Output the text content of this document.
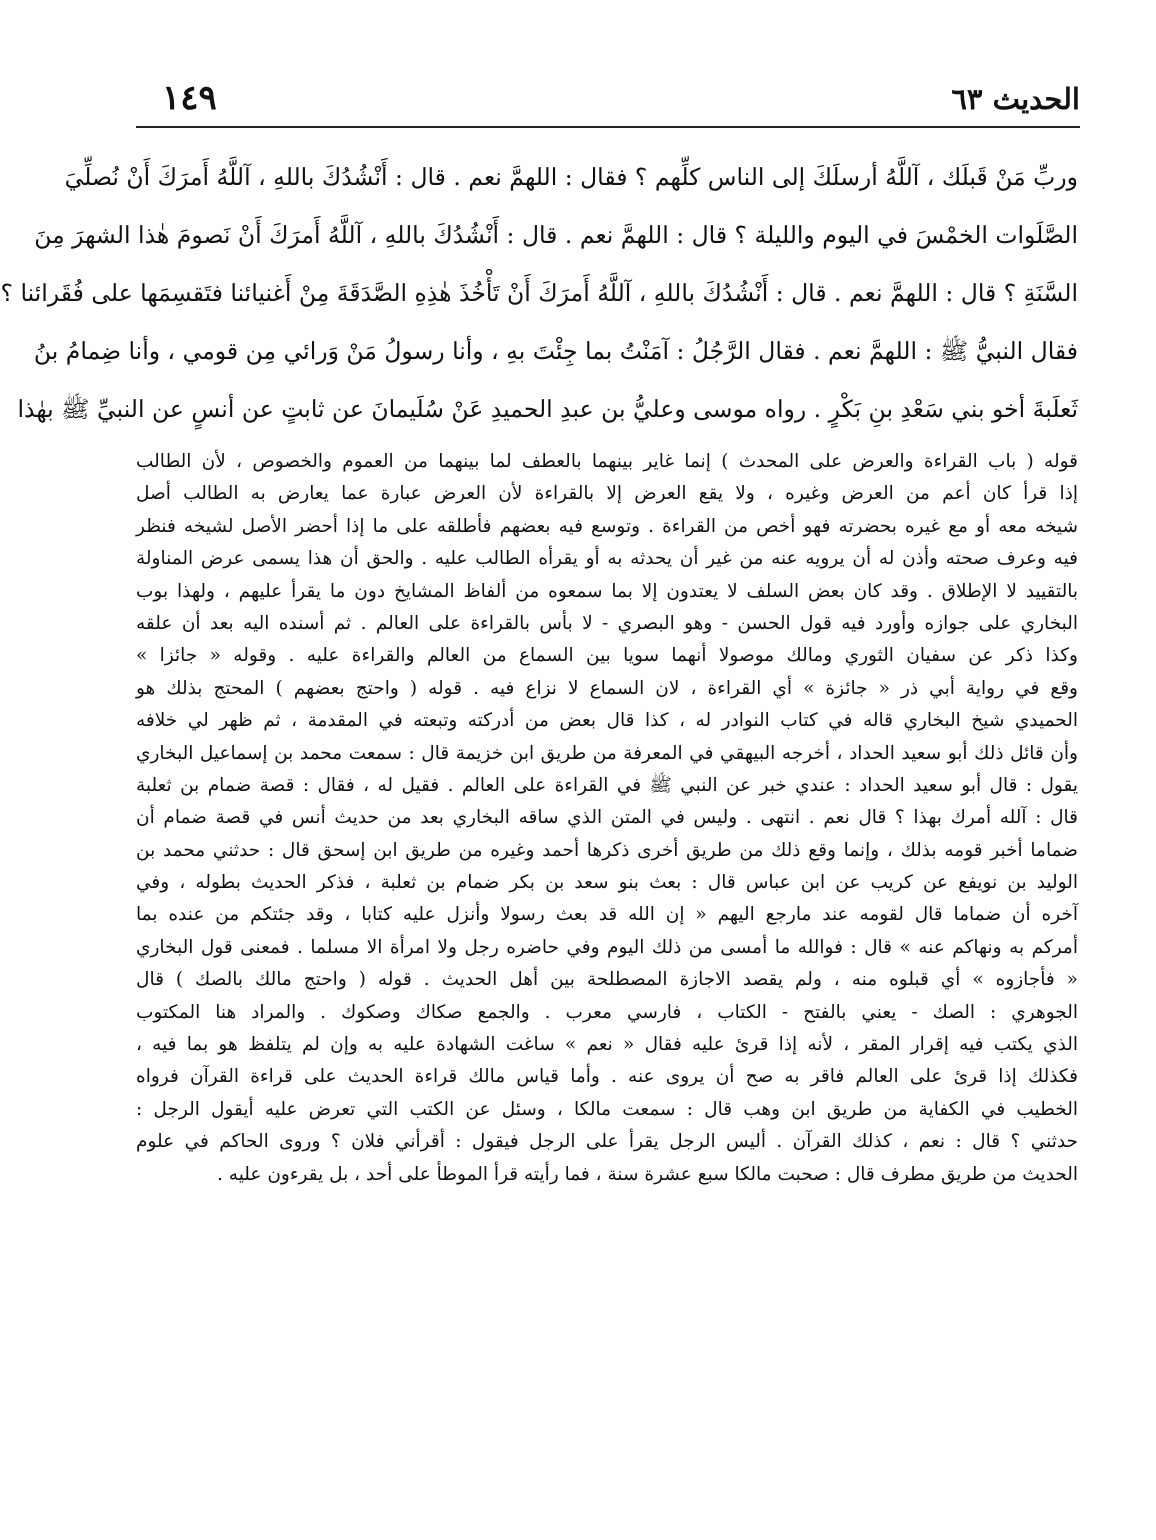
الحديث ٦٣
١٤٩
وربِّ مَنْ قَبلَك ، آللَّهُ أرسلَكَ إلى الناس كلِّهم ؟ فقال : اللهمَّ نعم . قال : أَنْشُدُكَ باللهِ ، آللَّهُ أَمرَكَ أَنْ نُصلِّيَ
الصَّلَوات الخمْسَ في اليوم والليلة ؟ قال : اللهمَّ نعم . قال : أَنْشُدُكَ باللهِ ، آللَّهُ أَمرَكَ أَنْ نَصومَ هٰذا الشهرَ مِنَ
السَّنَةِ ؟ قال : اللهمَّ نعم . قال : أَنْشُدُكَ باللهِ ، آللَّهُ أَمرَكَ أَنْ تَأْخُذَ هٰذِهِ الصَّدَقَةَ مِنْ أَغنيائنا فتَقسِمَها على فُقَرائنا ؟
فقال النبيُّ ﷺ : اللهمَّ نعم . فقال الرَّجُلُ : آمَنْتُ بما جِئْتَ بهِ ، وأنا رسولُ مَنْ وَرائي مِن قومي ، وأنا ضِمامُ بنُ
ثَعلَبةَ أخو بني سَعْدِ بنِ بَكْرٍ . رواه موسى وعليُّ بن عبدِ الحميدِ عَنْ سُلَيمانَ عن ثابتٍ عن أنسٍ عن النبيِّ ﷺ بهٰذا
قوله ( باب القراءة والعرض على المحدث ) إنما غاير بينهما بالعطف لما بينهما من العموم والخصوص ، لأن الطالب
إذا قرأ كان أعم من العرض وغيره ، ولا يقع العرض إلا بالقراءة لأن العرض عبارة عما يعارض به الطالب أصل
شيخه معه أو مع غيره بحضرته فهو أخص من القراءة . وتوسع فيه بعضهم فأطلقه على ما إذا أحضر الأصل لشيخه فنظر
فيه وعرف صحته وأذن له أن يرويه عنه من غير أن يحدثه به أو يقرأه الطالب عليه . والحق أن هذا يسمى عرض المناولة
بالتقييد لا الإطلاق . وقد كان بعض السلف لا يعتدون إلا بما سمعوه من ألفاظ المشايخ دون ما يقرأ عليهم ، ولهذا بوب
البخاري على جوازه وأورد فيه قول الحسن - وهو البصري - لا بأس بالقراءة على العالم . ثم أسنده اليه بعد أن علقه
وكذا ذكر عن سفيان الثوري ومالك موصولا أنهما سويا بين السماع من العالم والقراءة عليه . وقوله « جائزا »
وقع في رواية أبي ذر « جائزة » أي القراءة ، لان السماع لا نزاع فيه . قوله ( واحتج بعضهم ) المحتج بذلك هو
الحميدي شيخ البخاري قاله في كتاب النوادر له ، كذا قال بعض من أدركته وتبعته في المقدمة ، ثم ظهر لي خلافه
وأن قائل ذلك أبو سعيد الحداد ، أخرجه البيهقي في المعرفة من طريق ابن خزيمة قال : سمعت محمد بن إسماعيل البخاري
يقول : قال أبو سعيد الحداد : عندي خبر عن النبي ﷺ في القراءة على العالم . فقيل له ، فقال : قصة ضمام بن ثعلبة
قال : آلله أمرك بهذا ؟ قال نعم . انتهى . وليس في المتن الذي ساقه البخاري بعد من حديث أنس في قصة ضمام أن
ضماما أخبر قومه بذلك ، وإنما وقع ذلك من طريق أخرى ذكرها أحمد وغيره من طريق ابن إسحق قال : حدثني محمد بن
الوليد بن نويفع عن كريب عن ابن عباس قال : بعث بنو سعد بن بكر ضمام بن ثعلبة ، فذكر الحديث بطوله ، وفي
آخره أن ضماما قال لقومه عند مارجع اليهم « إن الله قد بعث رسولا وأنزل عليه كتابا ، وقد جئتكم من عنده بما
أمركم به ونهاكم عنه » قال : فوالله ما أمسى من ذلك اليوم وفي حاضره رجل ولا امرأة الا مسلما . فمعنى قول البخاري
« فأجازوه » أي قبلوه منه ، ولم يقصد الاجازة المصطلحة بين أهل الحديث . قوله ( واحتج مالك بالصك ) قال
الجوهري : الصك - يعني بالفتح - الكتاب ، فارسي معرب . والجمع صكاك وصكوك . والمراد هنا المكتوب
الذي يكتب فيه إقرار المقر ، لأنه إذا قرئ عليه فقال « نعم » ساغت الشهادة عليه به وإن لم يتلفظ هو بما فيه ،
فكذلك إذا قرئ على العالم فاقر به صح أن يروى عنه . وأما قياس مالك قراءة الحديث على قراءة القرآن فرواه
الخطيب في الكفاية من طريق ابن وهب قال : سمعت مالكا ، وسئل عن الكتب التي تعرض عليه أيقول الرجل :
حدثني ؟ قال : نعم ، كذلك القرآن . أليس الرجل يقرأ على الرجل فيقول : أقرأني فلان ؟ وروى الحاكم في علوم
الحديث من طريق مطرف قال : صحبت مالكا سبع عشرة سنة ، فما رأيته قرأ الموطأ على أحد ، بل يقرءون عليه .
